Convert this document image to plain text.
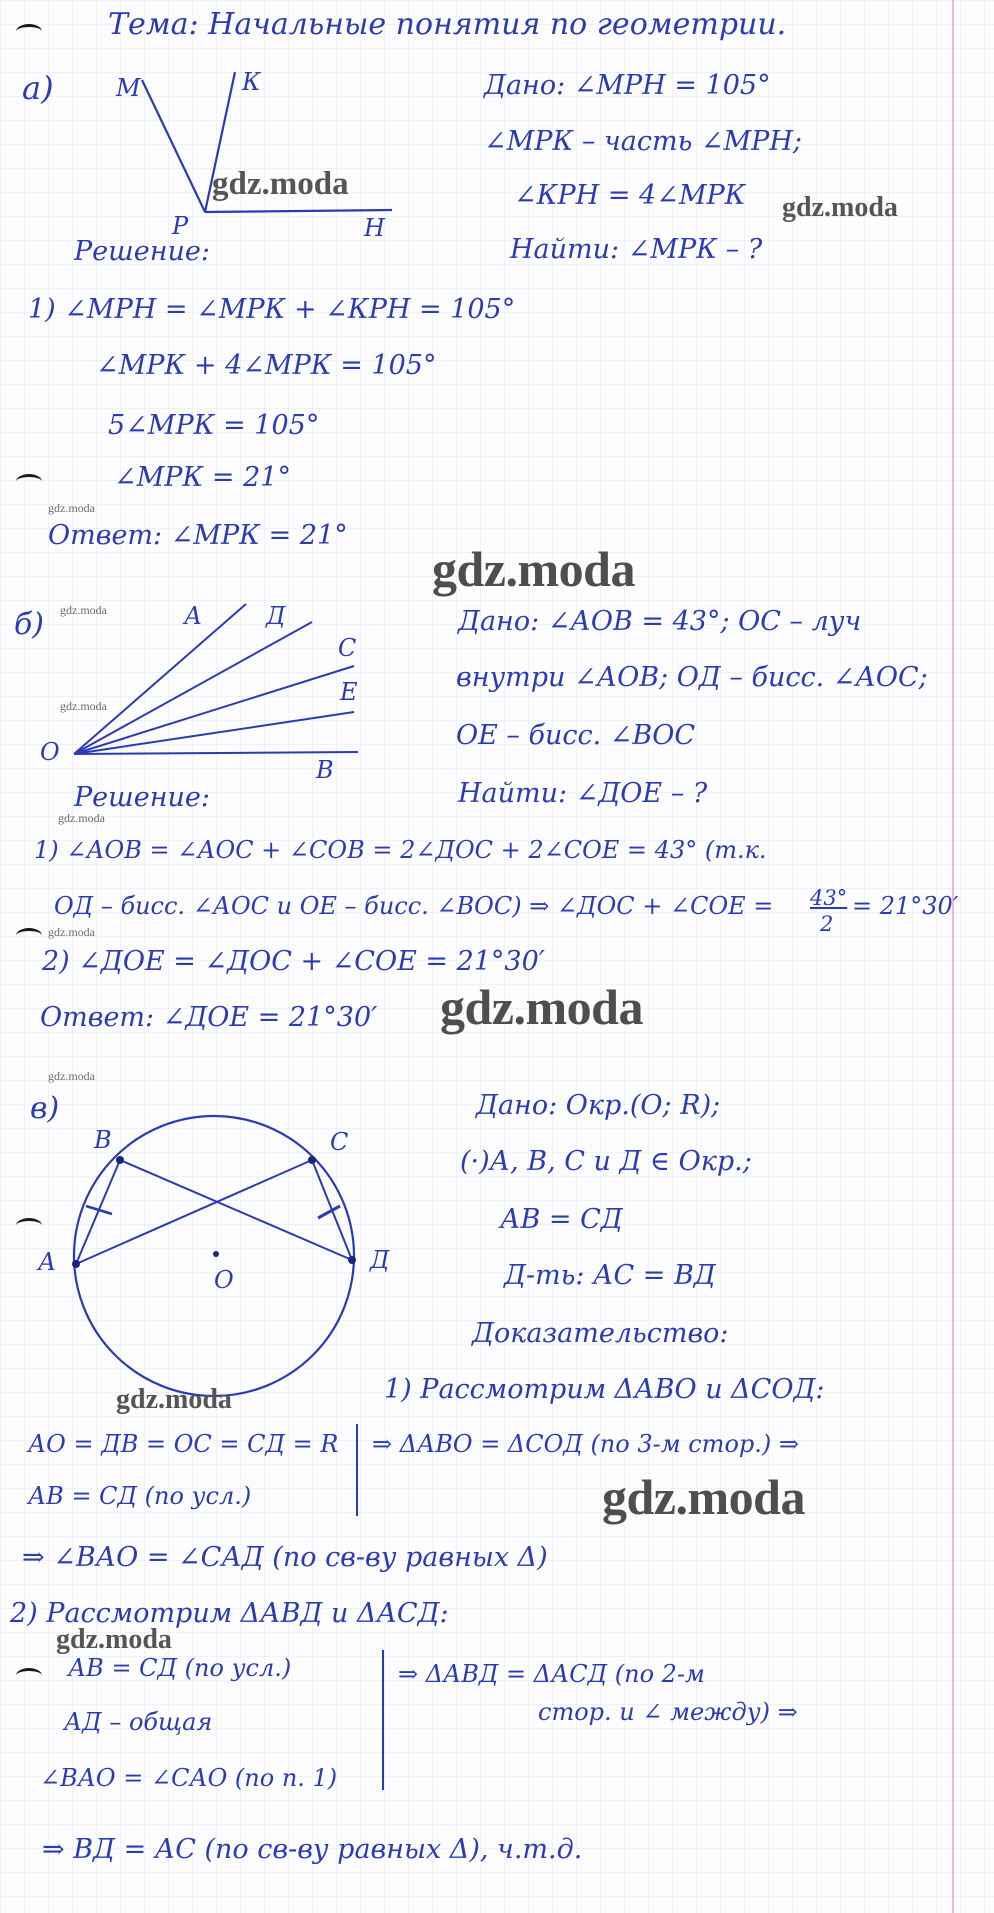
Тема: Начальные понятия по геометрии.
а)	М	К
Р	Н
Дано: ∠МРН = 105°
∠МРК – часть ∠МРН;
∠КРН = 4∠МРК
Найти: ∠МРК – ?
Решение:
1) ∠МРН = ∠МРК + ∠КРН = 105°
∠МРК + 4∠МРК = 105°
5∠МРК = 105°
∠МРК = 21°
Ответ: ∠МРК = 21°
б)	А	Д
С
Е
О
В
Дано: ∠АОВ = 43°; ОС – луч
внутри ∠АОВ; ОД – бисс. ∠АОС;
ОЕ – бисс. ∠ВОС
Найти: ∠ДОЕ – ?
Решение:
1) ∠АОВ = ∠АОС + ∠СОВ = 2∠ДОС + 2∠СОЕ = 43° (т.к.
ОД – бисс. ∠АОС и ОЕ – бисс. ∠ВОС) ⇒ ∠ДОС + ∠СОЕ = 43°
2
= 21°30′
2) ∠ДОЕ = ∠ДОС + ∠СОЕ = 21°30′
Ответ: ∠ДОЕ = 21°30′
в)
В	С
А	Д
О
Дано: Окр.(О; R);
(·)А, В, С и Д ∈ Окр.;
АВ = СД
Д-ть: АС = ВД
Доказательство:
1) Рассмотрим ΔАВО и ΔСОД:
АО = ДВ = ОС = СД = R
АВ = СД (по усл.)
⇒ ΔАВО = ΔСОД (по 3-м стор.) ⇒
⇒ ∠ВАО = ∠САД (по св-ву равных Δ)
2) Рассмотрим ΔАВД и ΔАСД:
АВ = СД (по усл.)
АД – общая
∠ВАО = ∠САО (по п. 1)
⇒ ΔАВД = ΔАСД (по 2-м
стор. и ∠ между) ⇒
⇒ ВД = АС (по св-ву равных Δ), ч.т.д.
gdz.moda
gdz.moda
gdz.moda
gdz.moda
gdz.moda
gdz.moda
gdz.moda
gdz.moda
gdz.moda
gdz.moda
gdz.moda
gdz.moda
gdz.moda
